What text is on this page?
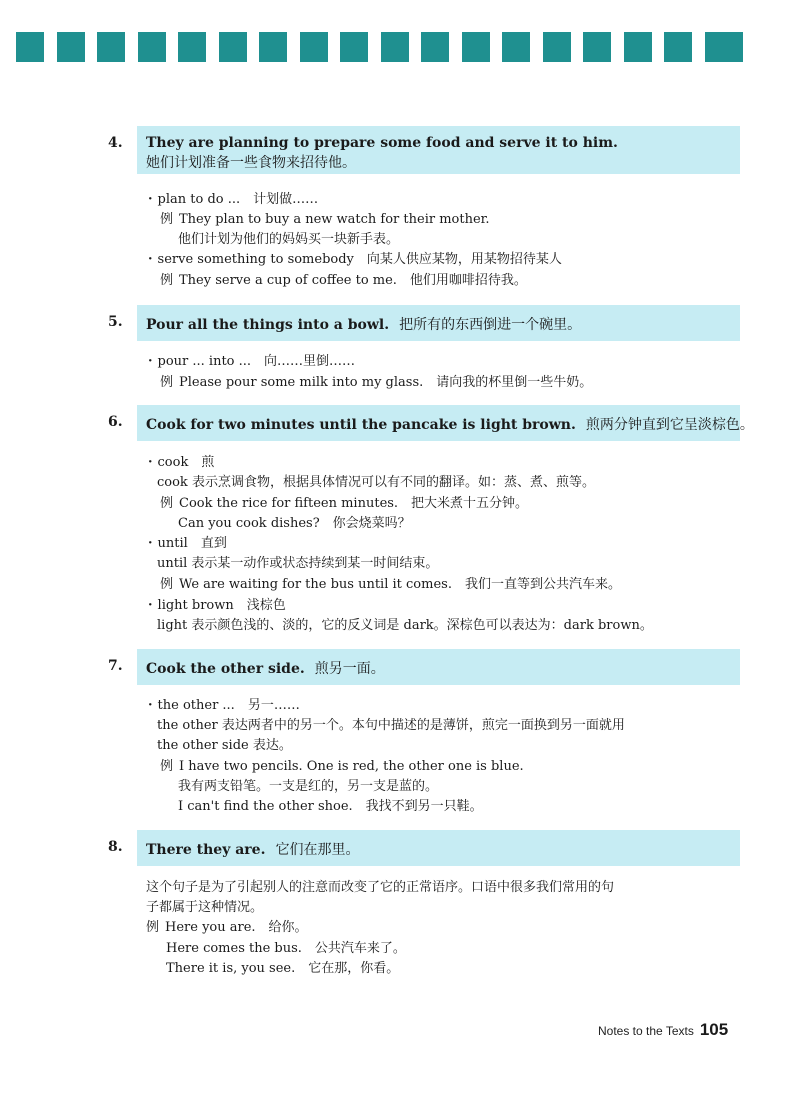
4. They are planning to prepare some food and serve it to him.
她们计划准备一些食物来招待他。
· plan to do ...　计划做……
例 They plan to buy a new watch for their mother.
他们计划为他们的妈妈买一块新手表。
· serve something to somebody　向某人供应某物，用某物招待某人
例 They serve a cup of coffee to me.　他们用咖啡招待我。
5. Pour all the things into a bowl. 把所有的东西倒进一个碗里。
· pour ... into ...　向……里倒……
例 Please pour some milk into my glass.　请向我的杯里倒一些牛奶。
6. Cook for two minutes until the pancake is light brown. 煎两分钟直到它呈淡棕色。
· cook　煎
cook 表示烹调食物，根据具体情况可以有不同的翻译。如：蒸、煮、煎等。
例 Cook the rice for fifteen minutes.　把大米煮十五分钟。
Can you cook dishes?　你会烧菜吗？
· until　直到
until 表示某一动作或状态持续到某一时间结束。
例 We are waiting for the bus until it comes.　我们一直等到公共汽车来。
· light brown　浅棕色
light 表示颜色浅的、淡的，它的反义词是 dark。深棕色可以表达为：dark brown。
7. Cook the other side. 煎另一面。
· the other ...　另一……
the other 表达两者中的另一个。本句中描述的是薄饼，煎完一面换到另一面就用
the other side 表达。
例 I have two pencils. One is red, the other one is blue.
我有两支铅笔。一支是红的，另一支是蓝的。
I can't find the other shoe.　我找不到另一只鞋。
8. There they are. 它们在那里。
这个句子是为了引起别人的注意而改变了它的正常语序。口语中很多我们常用的句
子都属于这种情况。
例 Here you are.　给你。
Here comes the bus.　公共汽车来了。
There it is, you see.　它在那，你看。
Notes to the Texts 105
